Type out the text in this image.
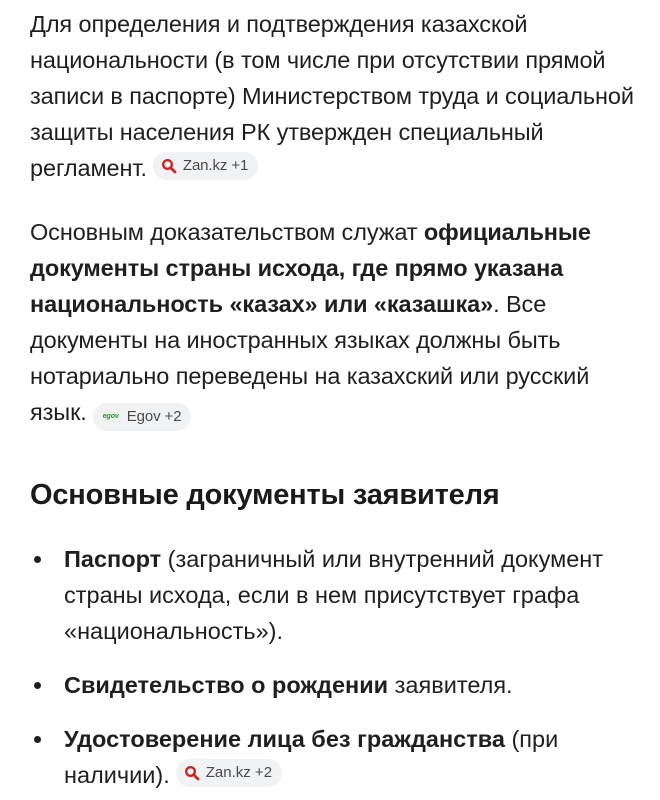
Для определения и подтверждения казахской национальности (в том числе при отсутствии прямой записи в паспорте) Министерством труда и социальной защиты населения РК утвержден специальный регламент. Zan.kz +1

Основным доказательством служат официальные документы страны исхода, где прямо указана национальность «казах» или «казашка». Все документы на иностранных языках должны быть нотариально переведены на казахский или русский язык. egov Egov +2

Основные документы заявителя
Паспорт (заграничный или внутренний документ страны исхода, если в нем присутствует графа «национальность»).
Свидетельство о рождении заявителя.
Удостоверение лица без гражданства (при наличии). Zan.kz +2
